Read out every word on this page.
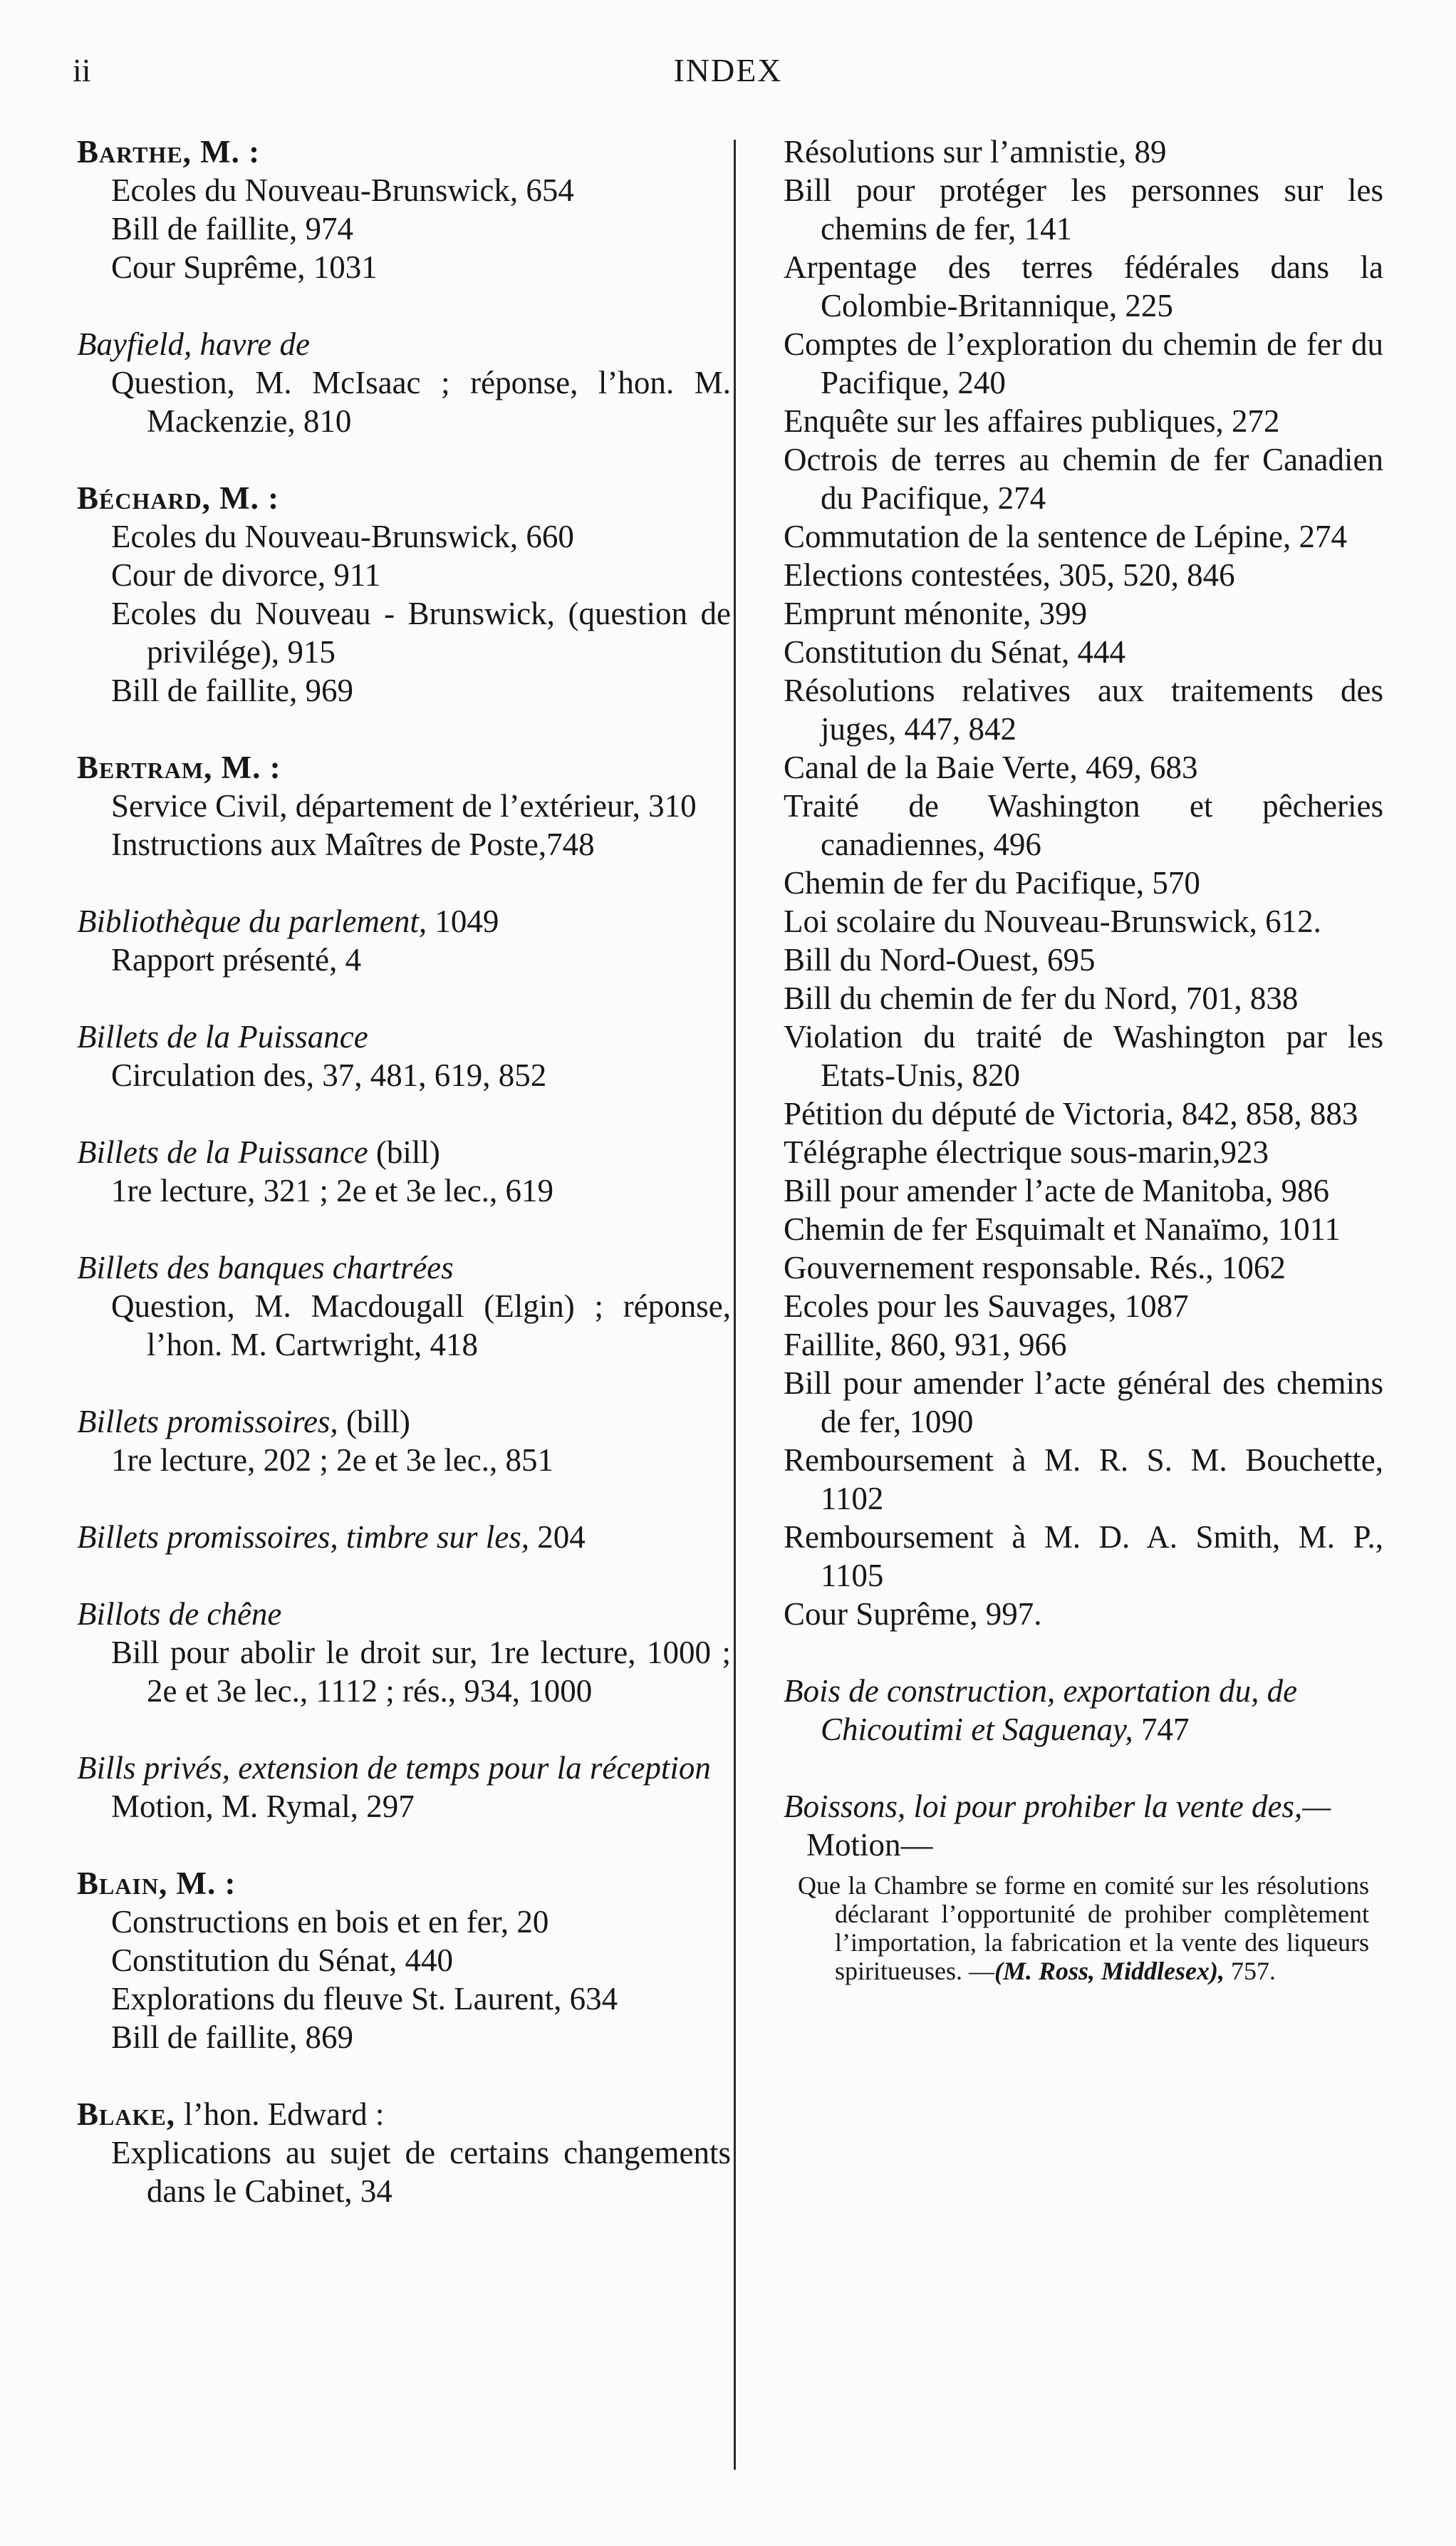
ii	INDEX
Barthe, M. :
Ecoles du Nouveau-Brunswick, 654
Bill de faillite, 974
Cour Suprême, 1031
Bayfield, havre de
Question, M. McIsaac ; réponse, l’hon. M. Mackenzie, 810
Béchard, M. :
Ecoles du Nouveau-Brunswick, 660
Cour de divorce, 911
Ecoles du Nouveau - Brunswick, (question de privilége), 915
Bill de faillite, 969
Bertram, M. :
Service Civil, département de l’extérieur, 310
Instructions aux Maîtres de Poste,748
Bibliothèque du parlement, 1049
Rapport présenté, 4
Billets de la Puissance
Circulation des, 37, 481, 619, 852
Billets de la Puissance (bill)
1re lecture, 321 ; 2e et 3e lec., 619
Billets des banques chartrées
Question, M. Macdougall (Elgin) ; réponse, l’hon. M. Cartwright, 418
Billets promissoires, (bill)
1re lecture, 202 ; 2e et 3e lec., 851
Billets promissoires, timbre sur les, 204
Billots de chêne
Bill pour abolir le droit sur, 1re lecture, 1000 ; 2e et 3e lec., 1112 ; rés., 934, 1000
Bills privés, extension de temps pour la réception
Motion, M. Rymal, 297
Blain, M. :
Constructions en bois et en fer, 20
Constitution du Sénat, 440
Explorations du fleuve St. Laurent, 634
Bill de faillite, 869
Blake, l’hon. Edward :
Explications au sujet de certains changements dans le Cabinet, 34
Résolutions sur l’amnistie, 89
Bill pour protéger les personnes sur les chemins de fer, 141
Arpentage des terres fédérales dans la Colombie-Britannique, 225
Comptes de l’exploration du chemin de fer du Pacifique, 240
Enquête sur les affaires publiques, 272
Octrois de terres au chemin de fer Canadien du Pacifique, 274
Commutation de la sentence de Lépine, 274
Elections contestées, 305, 520, 846
Emprunt ménonite, 399
Constitution du Sénat, 444
Résolutions relatives aux traitements des juges, 447, 842
Canal de la Baie Verte, 469, 683
Traité de Washington et pêcheries canadiennes, 496
Chemin de fer du Pacifique, 570
Loi scolaire du Nouveau-Brunswick, 612.
Bill du Nord-Ouest, 695
Bill du chemin de fer du Nord, 701, 838
Violation du traité de Washington par les Etats-Unis, 820
Pétition du député de Victoria, 842, 858, 883
Télégraphe électrique sous-marin,923
Bill pour amender l’acte de Manitoba, 986
Chemin de fer Esquimalt et Nanaïmo, 1011
Gouvernement responsable. Rés., 1062
Ecoles pour les Sauvages, 1087
Faillite, 860, 931, 966
Bill pour amender l’acte général des chemins de fer, 1090
Remboursement à M. R. S. M. Bouchette, 1102
Remboursement à M. D. A. Smith, M. P., 1105
Cour Suprême, 997.
Bois de construction, exportation du, de Chicoutimi et Saguenay, 747
Boissons, loi pour prohiber la vente des,—
Motion—
Que la Chambre se forme en comité sur les résolutions déclarant l’opportunité de prohiber complètement l’importation, la fabrication et la vente des liqueurs spiritueuses. —(M. Ross, Middlesex), 757.
